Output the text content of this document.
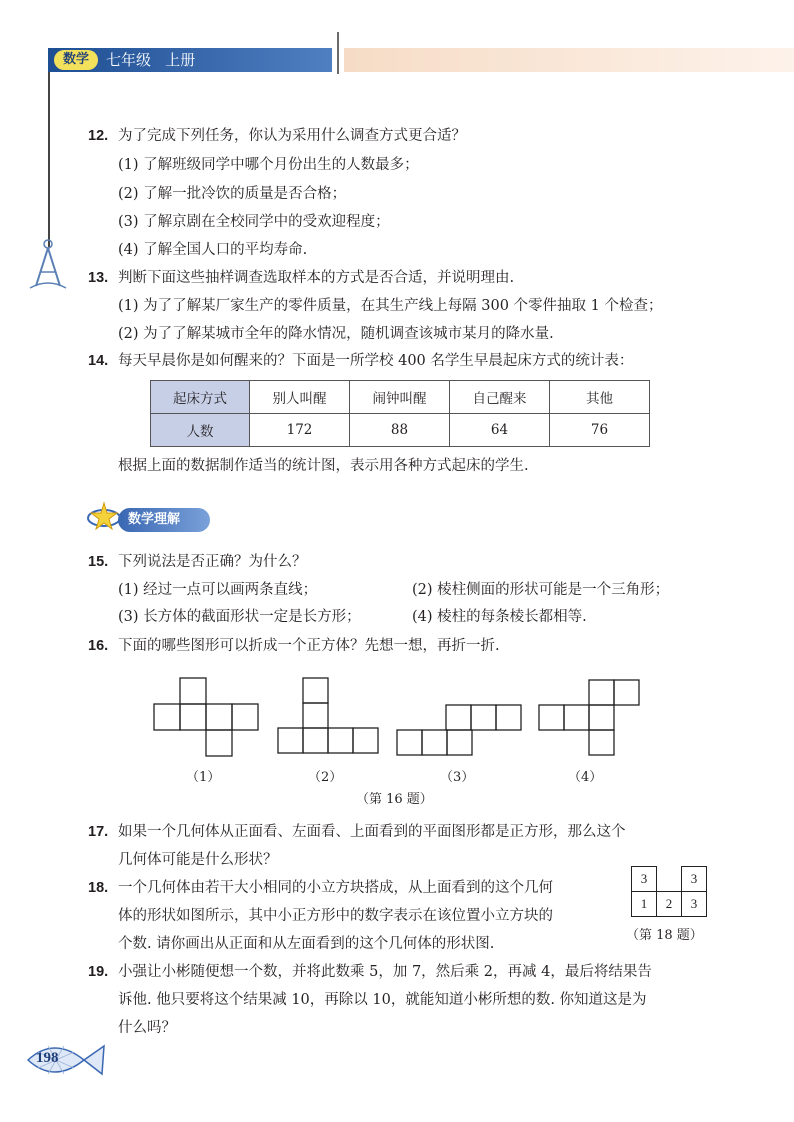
数学	七年级   上册
12. 为了完成下列任务，你认为采用什么调查方式更合适？
(1) 了解班级同学中哪个月份出生的人数最多；
(2) 了解一批冷饮的质量是否合格；
(3) 了解京剧在全校同学中的受欢迎程度；
(4) 了解全国人口的平均寿命.
13. 判断下面这些抽样调查选取样本的方式是否合适，并说明理由.
(1) 为了了解某厂家生产的零件质量，在其生产线上每隔 300 个零件抽取 1 个检查；
(2) 为了了解某城市全年的降水情况，随机调查该城市某月的降水量.
14. 每天早晨你是如何醒来的？下面是一所学校 400 名学生早晨起床方式的统计表：
起床方式	别人叫醒	闹钟叫醒	自己醒来	其他
人数	172	88	64	76
根据上面的数据制作适当的统计图，表示用各种方式起床的学生.
数学理解
15. 下列说法是否正确？为什么？
(1) 经过一点可以画两条直线；	(2) 棱柱侧面的形状可能是一个三角形；
(3) 长方体的截面形状一定是长方形；	(4) 棱柱的每条棱长都相等.
16. 下面的哪些图形可以折成一个正方体？先想一想，再折一折.
（1）	（2）	（3）	（4）
（第 16 题）
17. 如果一个几何体从正面看、左面看、上面看到的平面图形都是正方形，那么这个
几何体可能是什么形状？
18. 一个几何体由若干大小相同的小立方块搭成，从上面看到的这个几何
体的形状如图所示，其中小正方形中的数字表示在该位置小立方块的
个数. 请你画出从正面和从左面看到的这个几何体的形状图.
3		3
1	2	3
（第 18 题）
19. 小强让小彬随便想一个数，并将此数乘 5，加 7，然后乘 2，再减 4，最后将结果告
诉他. 他只要将这个结果减 10，再除以 10，就能知道小彬所想的数. 你知道这是为
什么吗？
198
